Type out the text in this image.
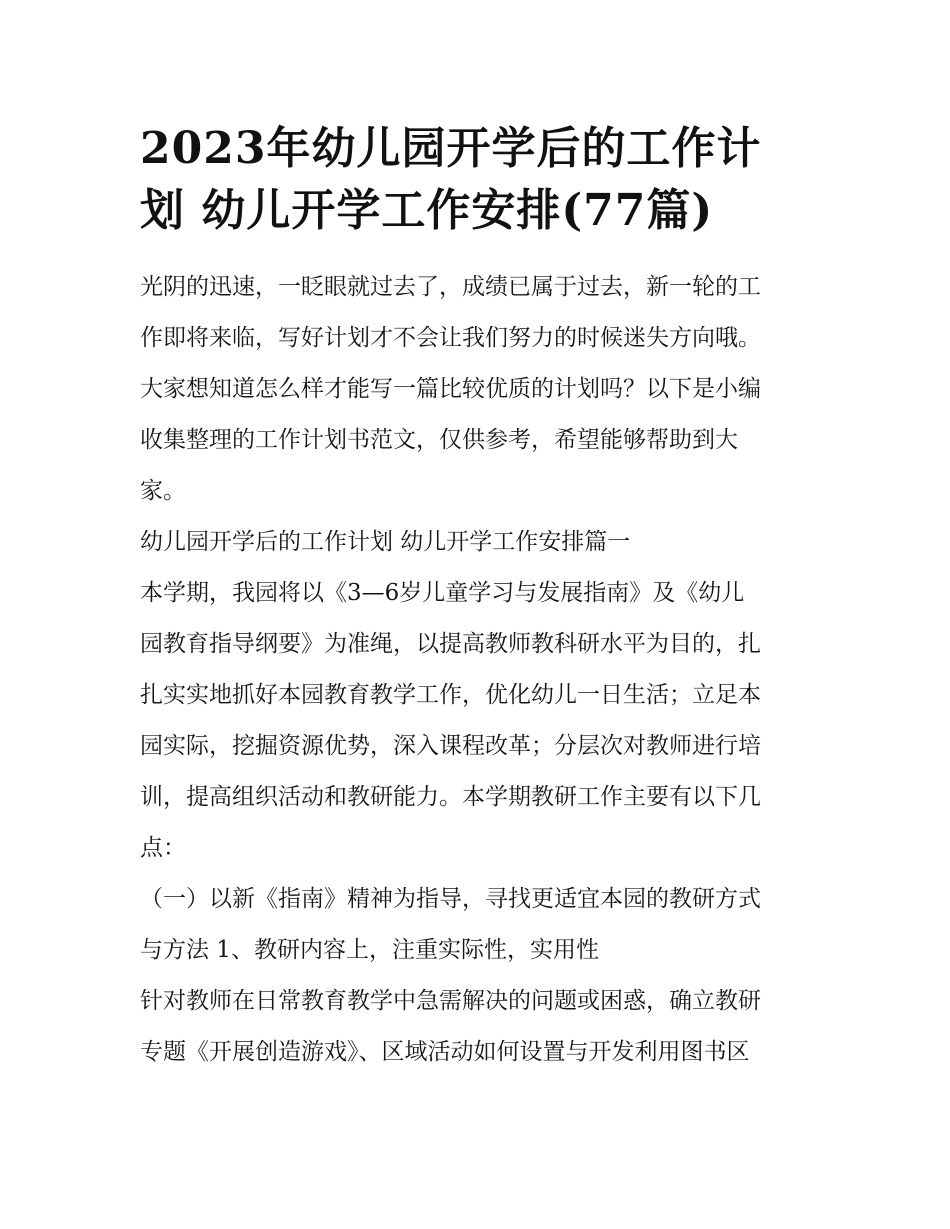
2023年幼儿园开学后的工作计
划 幼儿开学工作安排(77篇)

光阴的迅速，一眨眼就过去了，成绩已属于过去，新一轮的工
作即将来临，写好计划才不会让我们努力的时候迷失方向哦。
大家想知道怎么样才能写一篇比较优质的计划吗？以下是小编
收集整理的工作计划书范文，仅供参考，希望能够帮助到大
家。

幼儿园开学后的工作计划 幼儿开学工作安排篇一

本学期，我园将以《3—6岁儿童学习与发展指南》及《幼儿
园教育指导纲要》为准绳，以提高教师教科研水平为目的，扎
扎实实地抓好本园教育教学工作，优化幼儿一日生活；立足本
园实际，挖掘资源优势，深入课程改革；分层次对教师进行培
训，提高组织活动和教研能力。本学期教研工作主要有以下几
点：

（一）以新《指南》精神为指导，寻找更适宜本园的教研方式
与方法 1、教研内容上，注重实际性，实用性

针对教师在日常教育教学中急需解决的问题或困惑，确立教研
专题《开展创造游戏》、区域活动如何设置与开发利用图书区
